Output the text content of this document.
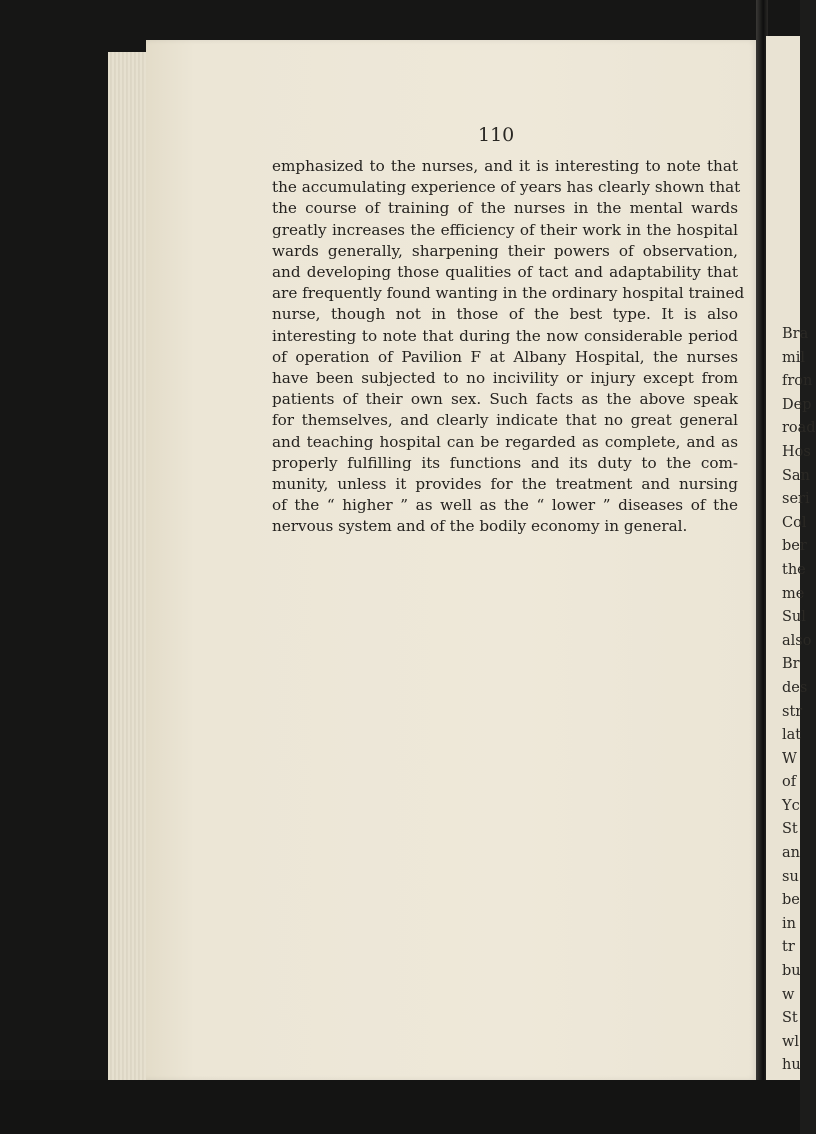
Bra
mil
fron
Dep
road
Hos
San
seri
Col
ber
the
me
Sul
also
Br
des
str
lat
W
of
Yc
St
an
su
be
in
tr
bu
w
St
wl
hu
110
emphasized to the nurses, and it is interesting to note that
the accumulating experience of years has clearly shown that
the course of training of the nurses in the mental wards
greatly increases the efficiency of their work in the hospital
wards generally, sharpening their powers of observation,
and developing those qualities of tact and adaptability that
are frequently found wanting in the ordinary hospital trained
nurse, though not in those of the best type. It is also
interesting to note that during the now considerable period
of operation of Pavilion F at Albany Hospital, the nurses
have been subjected to no incivility or injury except from
patients of their own sex. Such facts as the above speak
for themselves, and clearly indicate that no great general
and teaching hospital can be regarded as complete, and as
properly fulfilling its functions and its duty to the com-
munity, unless it provides for the treatment and nursing
of the “ higher ” as well as the “ lower ” diseases of the
nervous system and of the bodily economy in general.
